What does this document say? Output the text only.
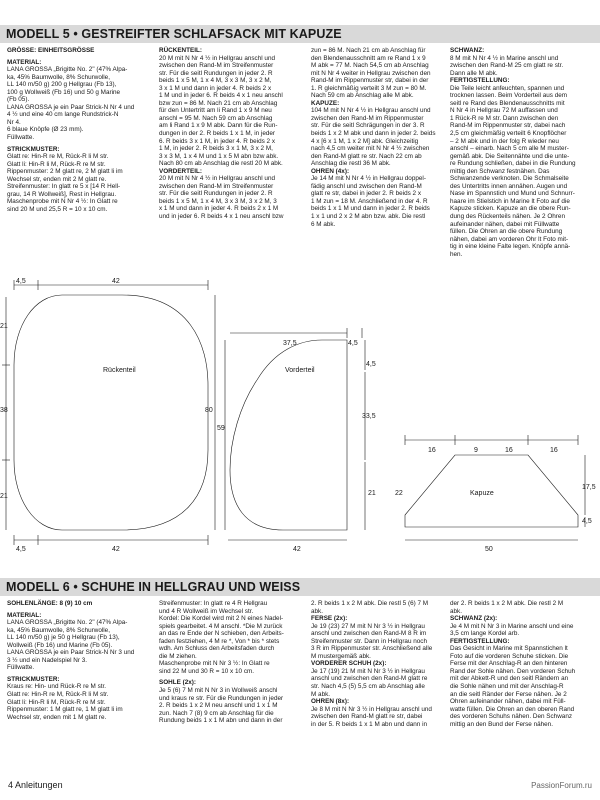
MODELL 5 • GESTREIFTER SCHLAFSACK MIT KAPUZE

GRÖSSE: EINHEITSGRÖSSE

MATERIAL:

LANA GROSSA „Brigitte No. 2" (47% Alpa-

ka, 45% Baumwolle, 8% Schurwolle,

LL 140 m/50 g) 200 g Hellgrau (Fb 13),

100 g Wollweiß (Fb 16) und 50 g Marine

(Fb 05).

LANA GROSSA je ein Paar Strick-N Nr 4 und

4 ½ und eine 40 cm lange Rundstrick-N

Nr 4.

6 blaue Knöpfe (Ø 23 mm).

Füllwatte.

STRICKMUSTER:

Glatt re: Hin-R re M, Rück-R li M str.

Glatt li: Hin-R li M, Rück-R re M str.

Rippenmuster: 2 M glatt re, 2 M glatt li im

Wechsel str, enden mit 2 M glatt re.

Streifenmuster: In glatt re 5 x [14 R Hell-

grau, 14 R Wollweiß], Rest in Hellgrau.

Maschenprobe mit N Nr 4 ½: In Glatt re

sind 20 M und 25,5 R = 10 x 10 cm.

RÜCKENTEIL:

20 M mit N Nr 4 ½ in Hellgrau anschl und

zwischen den Rand-M im Streifenmuster

str. Für die seitl Rundungen in jeder 2. R

beids 1 x 5 M, 1 x 4 M, 3 x 3 M, 3 x 2 M,

3 x 1 M und dann in jeder 4. R beids 2 x

1 M und in jeder 6. R beids 4 x 1 neu anschl

bzw zun = 86 M. Nach 21 cm ab Anschlag

für den Untertritt am li Rand 1 x 9 M neu

anschl = 95 M. Nach 59 cm ab Anschlag

am li Rand 1 x 9 M abk. Dann für die Run-

dungen in der 2. R beids 1 x 1 M, in jeder

6. R beids 3 x 1 M, in jeder 4. R beids 2 x

1 M, in jeder 2. R beids 3 x 1 M, 3 x 2 M,

3 x 3 M, 1 x 4 M und 1 x 5 M abn bzw abk.

Nach 80 cm ab Anschlag die restl 20 M abk.

VORDERTEIL:

20 M mit N Nr 4 ½ in Hellgrau anschl und

zwischen den Rand-M im Streifenmuster

str. Für die seitl Rundungen in jeder 2. R

beids 1 x 5 M, 1 x 4 M, 3 x 3 M, 3 x 2 M, 3

x 1 M und dann in jeder 4. R beids 2 x 1 M

und in jeder 6. R beids 4 x 1 neu anschl bzw

zun = 86 M. Nach 21 cm ab Anschlag für

den Blendenausschnitt am re Rand 1 x 9

M abk = 77 M. Nach 54,5 cm ab Anschlag

mit N Nr 4 weiter in Hellgrau zwischen den

Rand-M im Rippenmuster str, dabei in der

1. R gleichmäßig verteilt 3 M zun = 80 M.

Nach 59 cm ab Anschlag alle M abk.

KAPUZE:

104 M mit N Nr 4 ½ in Hellgrau anschl und

zwischen den Rand-M im Rippenmuster

str. Für die seitl Schrägungen in der 3. R

beids 1 x 2 M abk und dann in jeder 2. beids

4 x [6 x 1 M, 1 x 2 M] abk. Gleichzeitig

nach 4,5 cm weiter mit N Nr 4 ½ zwischen

den Rand-M glatt re str. Nach 22 cm ab

Anschlag die restl 36 M abk.

OHREN (4x):

Je 14 M mit N Nr 4 ½ in Hellgrau doppel-

fädig anschl und zwischen den Rand-M

glatt re str, dabei in jeder 2. R beids 2 x

1 M zun = 18 M. Anschließend in der 4. R

beids 1 x 1 M und dann in jeder 2. R beids

1 x 1 und 2 x 2 M abn bzw. abk. Die restl

6 M abk.

SCHWANZ:

8 M mit N Nr 4 ½ in Marine anschl und

zwischen den Rand-M 25 cm glatt re str.

Dann alle M abk.

FERTIGSTELLUNG:

Die Teile leicht anfeuchten, spannen und

trocknen lassen. Beim Vorderteil aus dem

seitl re Rand des Blendenausschnitts mit

N Nr 4 in Hellgrau 72 M auffassen und

1 Rück-R re M str. Dann zwischen den

Rand-M im Rippenmuster str, dabei nach

2,5 cm gleichmäßig verteilt 6 Knopflöcher

– 2 M abk und in der folg R wieder neu

anschl – einarb. Nach 5 cm alle M muster-

gemäß abk. Die Seitennähte und die unte-

re Rundung schließen, dabei in die Rundung

mittig den Schwanz festnähen. Das

Schwanzende verknoten. Die Schmalseite

des Untertritts innen annähen. Augen und

Nase im Spannstich und Mund und Schnurr-

haare im Stielstich in Marine lt Foto auf die

Kapuze sticken. Kapuze an die obere Run-

dung des Rückenteils nähen. Je 2 Ohren

aufeinander nähen, dabei mit Füllwatte

füllen. Die Ohren an die obere Rundung

nähen, dabei am vorderen Ohr lt Foto mit-

tig in eine kleine Falte legen. Knöpfe annä-

hen.

4,5	42
21
38
21
Rückenteil
4,5	42
80
59
37,5	4,5
4,5
33,5
21
Vorderteil
42
16	9	16	16
22	Kapuze
17,5
4,5
50
MODELL 6 • SCHUHE IN HELLGRAU UND WEISS

SOHLENLÄNGE: 8 (9) 10 cm

MATERIAL:

LANA GROSSA „Brigitte No. 2" (47% Alpa-

ka, 45% Baumwolle, 8% Schurwolle,

LL 140 m/50 g) je 50 g Hellgrau (Fb 13),

Wollweiß (Fb 16) und Marine (Fb 05).

LANA GROSSA je ein Paar Strick-N Nr 3 und

3 ½ und ein Nadelspiel Nr 3.

Füllwatte.

STRICKMUSTER:

Kraus re: Hin- und Rück-R re M str.

Glatt re: Hin-R re M, Rück-R li M str.

Glatt li: Hin-R li M, Rück-R re M str.

Rippenmuster: 1 M glatt re, 1 M glatt li im

Wechsel str, enden mit 1 M glatt re.

Streifenmuster: In glatt re 4 R Hellgrau

und 4 R Wollweiß im Wechsel str.

Kordel: Die Kordel wird mit 2 N eines Nadel-

spiels gearbeitet. 4 M anschl. *Die M zurück

an das re Ende der N schieben, den Arbeits-

faden festziehen, 4 M re *, Von * bis * stets

wdh. Am Schluss den Arbeitsfaden durch

die M ziehen.

Maschenprobe mit N Nr 3 ½: In Glatt re

sind 22 M und 30 R = 10 x 10 cm.

SOHLE (2x):

Je 5 (6) 7 M mit N Nr 3 in Wollweiß anschl

und kraus re str. Für die Rundungen in jeder

2. R beids 1 x 2 M neu anschl und 1 x 1 M

zun. Nach 7 (8) 9 cm ab Anschlag für die

Rundung beids 1 x 1 M abn und dann in der

2. R beids 1 x 2 M abk. Die restl 5 (6) 7 M

abk.

FERSE (2x):

Je 19 (23) 27 M mit N Nr 3 ½ in Hellgrau

anschl und zwischen den Rand-M 8 R im

Streifenmuster str. Dann in Hellgrau noch

3 R im Rippenmuster str. Anschließend alle

M mustergemäß abk.

VORDERER SCHUH (2x):

Je 17 (19) 21 M mit N Nr 3 ½ in Hellgrau

anschl und zwischen den Rand-M glatt re

str. Nach 4,5 (5) 5,5 cm ab Anschlag alle

M abk.

OHREN (8x):

Je 8 M mit N Nr 3 ½ in Hellgrau anschl und

zwischen den Rand-M glatt re str, dabei

in der 5. R beids 1 x 1 M abn und dann in

der 2. R beids 1 x 2 M abk. Die restl 2 M

abk.

SCHWANZ (2x):

Je 4 M mit N Nr 3 in Marine anschl und eine

3,5 cm lange Kordel arb.

FERTIGSTELLUNG:

Das Gesicht in Marine mit Spannstichen lt

Foto auf die vorderen Schuhe sticken. Die

Ferse mit der Anschlag-R an den hinteren

Rand der Sohle nähen. Den vorderen Schuh

mit der Abkett-R und den seitl Rändern an

die Sohle nähen und mit der Anschlag-R

an die seitl Ränder der Ferse nähen. Je 2

Ohren aufeinander nähen, dabei mit Füll-

watte füllen. Die Ohren an den oberen Rand

des vorderen Schuhs nähen. Den Schwanz

mittig an den Bund der Ferse nähen.

4 Anleitungen	PassionForum.ru
